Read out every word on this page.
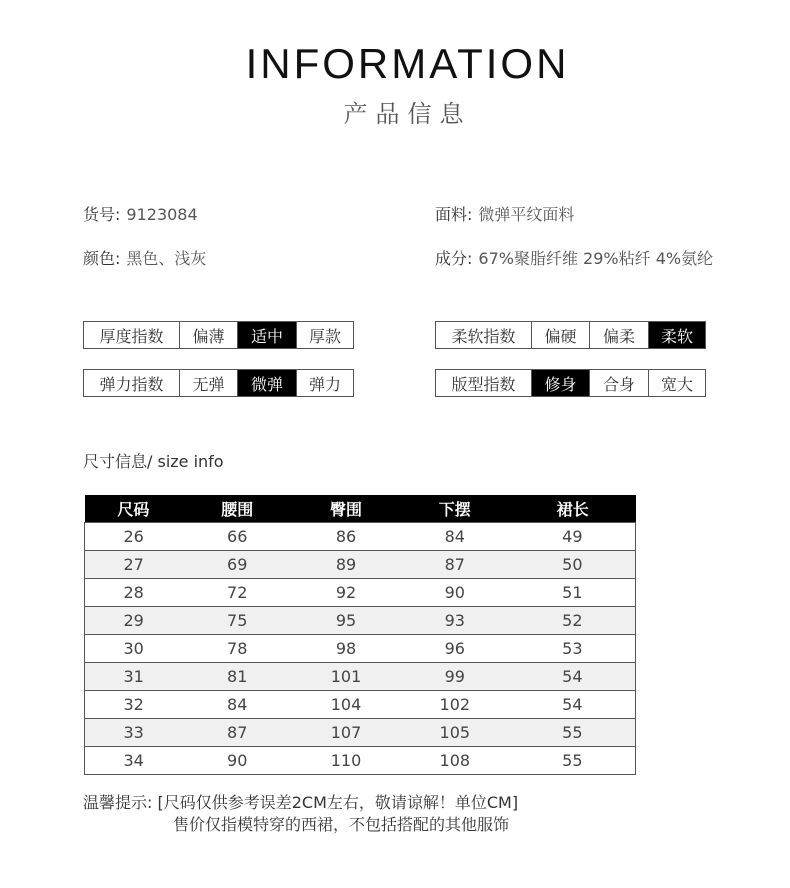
INFORMATION
产品信息
货号: 9123084
颜色: 黑色、浅灰
面料: 微弹平纹面料
成分: 67%聚脂纤维 29%粘纤 4%氨纶
厚度指数	偏薄	适中	厚款
弹力指数	无弹	微弹	弹力
柔软指数	偏硬	偏柔	柔软
版型指数	修身	合身	宽大
尺寸信息/ size info
尺码	腰围	臀围	下摆	裙长
26	66	86	84	49
27	69	89	87	50
28	72	92	90	51
29	75	95	93	52
30	78	98	96	53
31	81	101	99	54
32	84	104	102	54
33	87	107	105	55
34	90	110	108	55
温馨提示: [尺码仅供参考误差2CM左右，敬请谅解！单位CM]
售价仅指模特穿的西裙，不包括搭配的其他服饰
